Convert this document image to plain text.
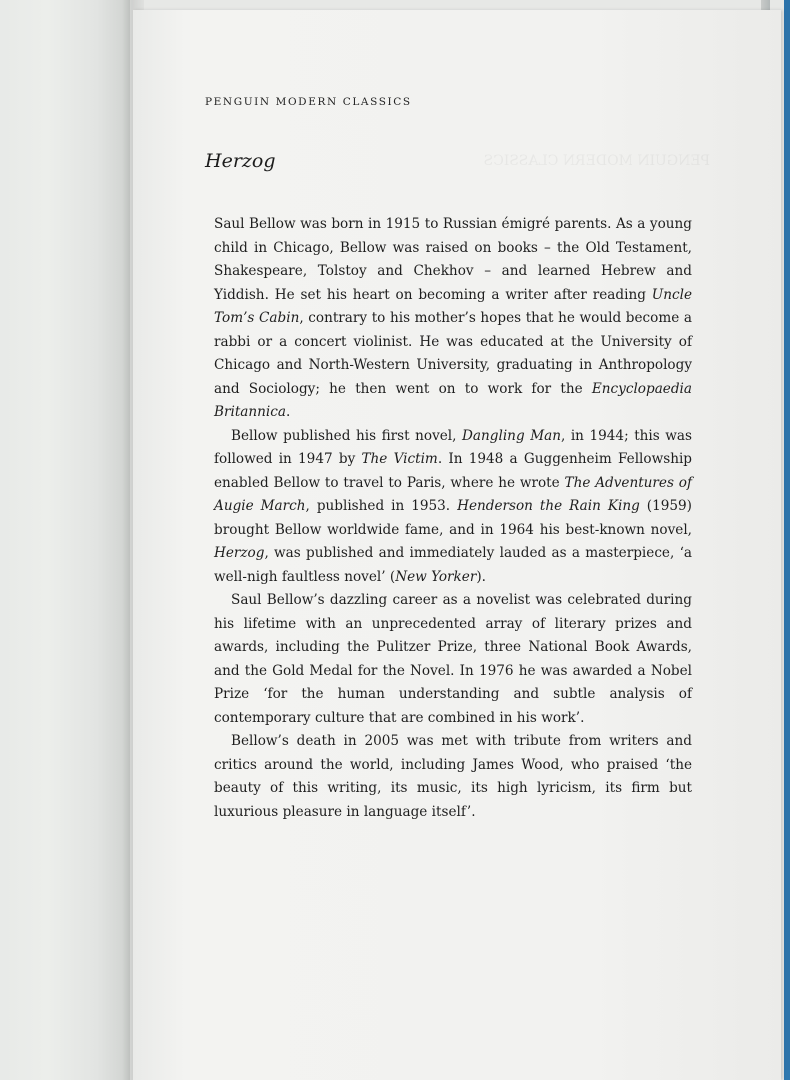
PENGUIN MODERN CLASSICS

PENGUIN MODERN CLASSICS

Herzog

Saul Bellow was born in 1915 to Russian émigré parents. As a young child in Chicago, Bellow was raised on books – the Old Testament, Shakespeare, Tolstoy and Chekhov – and learned Hebrew and Yiddish. He set his heart on becoming a writer after reading Uncle Tom’s Cabin, contrary to his mother’s hopes that he would become a rabbi or a concert violinist. He was educated at the University of Chicago and North-Western University, graduating in Anthropology and Sociology; he then went on to work for the Encyclopaedia Britannica.

Bellow published his first novel, Dangling Man, in 1944; this was followed in 1947 by The Victim. In 1948 a Guggenheim Fellowship enabled Bellow to travel to Paris, where he wrote The Adventures of Augie March, published in 1953. Henderson the Rain King (1959) brought Bellow worldwide fame, and in 1964 his best-known novel, Herzog, was published and immediately lauded as a masterpiece, ‘a well-nigh faultless novel’ (New Yorker).

Saul Bellow’s dazzling career as a novelist was celebrated during his lifetime with an unprecedented array of literary prizes and awards, including the Pulitzer Prize, three National Book Awards, and the Gold Medal for the Novel. In 1976 he was awarded a Nobel Prize ‘for the human understanding and subtle analysis of contemporary culture that are combined in his work’.

Bellow’s death in 2005 was met with tribute from writers and critics around the world, including James Wood, who praised ‘the beauty of this writing, its music, its high lyricism, its firm but luxurious pleasure in language itself’.
